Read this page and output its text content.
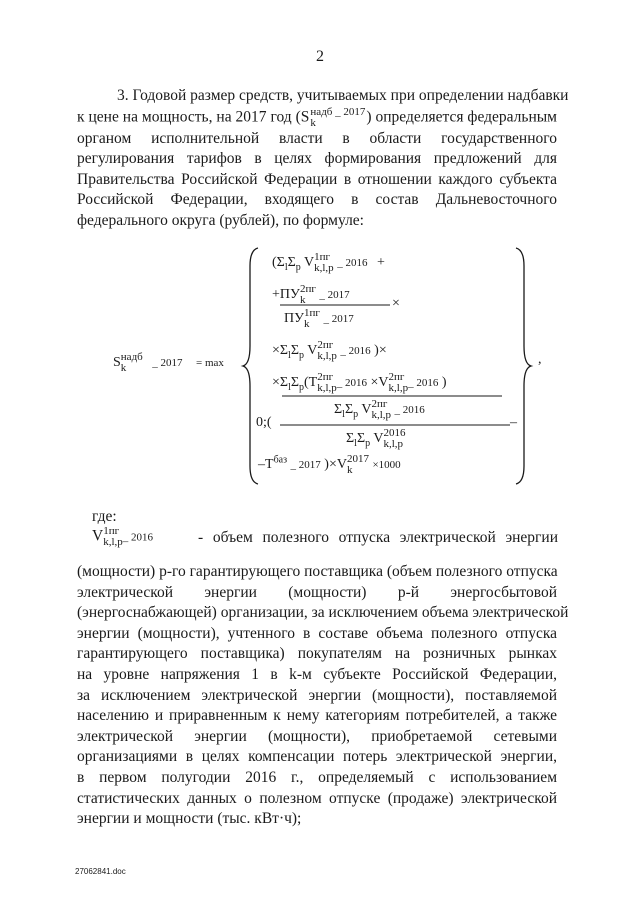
2
3. Годовой размер средств, учитываемых при определении надбавки
к цене на мощность, на 2017 год (S надб _ 2017
k	) определяется федеральным
органом исполнительной власти в области государственного
регулирования тарифов в целях формирования предложений для
Правительства Российской Федерации в отношении каждого субъекта
Российской Федерации, входящего в состав Дальневосточного
федерального округа (рублей), по формуле:
S надб
k	_ 2017 = max	,
($\Sigma_l\Sigma_p$ V 1пг
k,l,p _ 2016 +
+ПУ 2пг
k	_ 2017
×
ПУ 1пг
k	_ 2017
$\times\Sigma_l\Sigma_p$ V 2пг
k,l,p _ 2016 )×
$\times\Sigma_l\Sigma_p(T$ 2пг
k,l,p _ 2016 ×V 2пг
k,l,p _ 2016 )
$\Sigma_l\Sigma_p$ V 2пг
k,l,p _ 2016
0;(	–
$\Sigma_l\Sigma_p$ V 2016
k,l,p
$-T^{баз}$ _ 2017 )×V 2017
k	×1000
где:
V 1пг
k,l,p _ 2016	- объем полезного отпуска электрической энергии
(мощности) p-го гарантирующего поставщика (объем полезного отпуска
электрической энергии (мощности) p-й энергосбытовой
(энергоснабжающей) организации, за исключением объема электрической
энергии (мощности), учтенного в составе объема полезного отпуска
гарантирующего поставщика) покупателям на розничных рынках
на уровне напряжения 1 в k-м субъекте Российской Федерации,
за исключением электрической энергии (мощности), поставляемой
населению и приравненным к нему категориям потребителей, а также
электрической энергии (мощности), приобретаемой сетевыми
организациями в целях компенсации потерь электрической энергии,
в первом полугодии 2016 г., определяемый с использованием
статистических данных о полезном отпуске (продаже) электрической
энергии и мощности (тыс. кВт·ч);
27062841.doc
